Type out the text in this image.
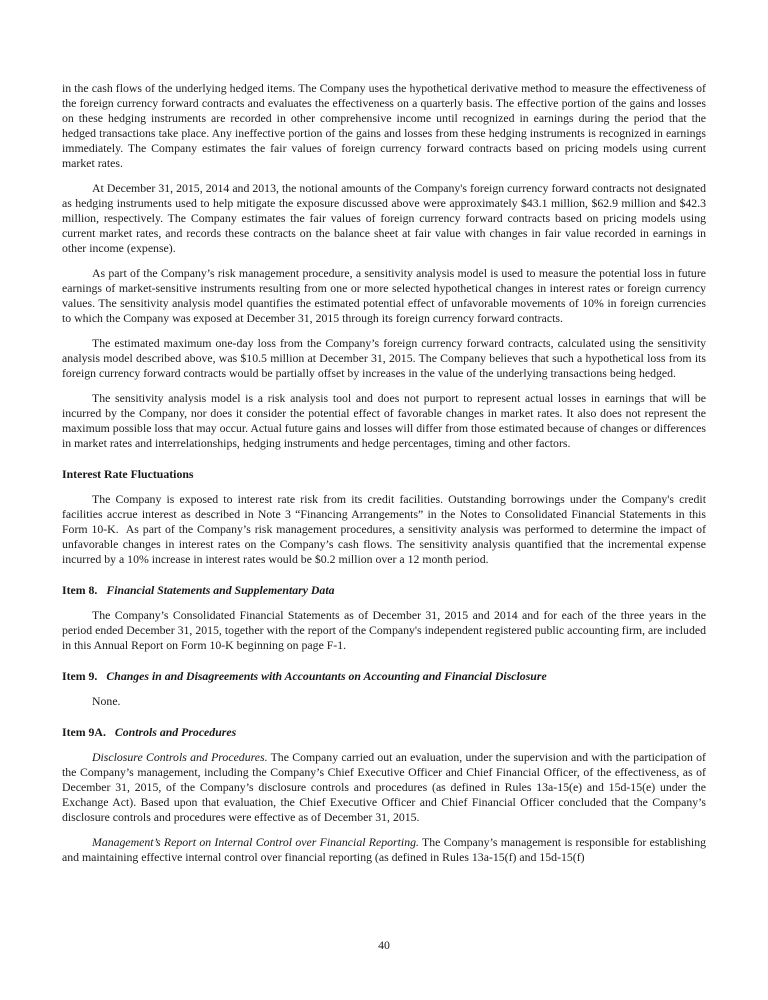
in the cash flows of the underlying hedged items. The Company uses the hypothetical derivative method to measure the effectiveness of the foreign currency forward contracts and evaluates the effectiveness on a quarterly basis. The effective portion of the gains and losses on these hedging instruments are recorded in other comprehensive income until recognized in earnings during the period that the hedged transactions take place. Any ineffective portion of the gains and losses from these hedging instruments is recognized in earnings immediately. The Company estimates the fair values of foreign currency forward contracts based on pricing models using current market rates.

At December 31, 2015, 2014 and 2013, the notional amounts of the Company's foreign currency forward contracts not designated as hedging instruments used to help mitigate the exposure discussed above were approximately $43.1 million, $62.9 million and $42.3 million, respectively. The Company estimates the fair values of foreign currency forward contracts based on pricing models using current market rates, and records these contracts on the balance sheet at fair value with changes in fair value recorded in earnings in other income (expense).

As part of the Company’s risk management procedure, a sensitivity analysis model is used to measure the potential loss in future earnings of market-sensitive instruments resulting from one or more selected hypothetical changes in interest rates or foreign currency values. The sensitivity analysis model quantifies the estimated potential effect of unfavorable movements of 10% in foreign currencies to which the Company was exposed at December 31, 2015 through its foreign currency forward contracts.

The estimated maximum one-day loss from the Company’s foreign currency forward contracts, calculated using the sensitivity analysis model described above, was $10.5 million at December 31, 2015. The Company believes that such a hypothetical loss from its foreign currency forward contracts would be partially offset by increases in the value of the underlying transactions being hedged.

The sensitivity analysis model is a risk analysis tool and does not purport to represent actual losses in earnings that will be incurred by the Company, nor does it consider the potential effect of favorable changes in market rates. It also does not represent the maximum possible loss that may occur. Actual future gains and losses will differ from those estimated because of changes or differences in market rates and interrelationships, hedging instruments and hedge percentages, timing and other factors.

Interest Rate Fluctuations

The Company is exposed to interest rate risk from its credit facilities. Outstanding borrowings under the Company's credit facilities accrue interest as described in Note 3 “Financing Arrangements” in the Notes to Consolidated Financial Statements in this Form 10-K.  As part of the Company’s risk management procedures, a sensitivity analysis was performed to determine the impact of unfavorable changes in interest rates on the Company’s cash flows. The sensitivity analysis quantified that the incremental expense incurred by a 10% increase in interest rates would be $0.2 million over a 12 month period.

Item 8. Financial Statements and Supplementary Data

The Company’s Consolidated Financial Statements as of December 31, 2015 and 2014 and for each of the three years in the period ended December 31, 2015, together with the report of the Company's independent registered public accounting firm, are included in this Annual Report on Form 10-K beginning on page F-1.

Item 9. Changes in and Disagreements with Accountants on Accounting and Financial Disclosure

None.

Item 9A. Controls and Procedures

Disclosure Controls and Procedures. The Company carried out an evaluation, under the supervision and with the participation of the Company’s management, including the Company’s Chief Executive Officer and Chief Financial Officer, of the effectiveness, as of December 31, 2015, of the Company’s disclosure controls and procedures (as defined in Rules 13a-15(e) and 15d-15(e) under the Exchange Act). Based upon that evaluation, the Chief Executive Officer and Chief Financial Officer concluded that the Company’s disclosure controls and procedures were effective as of December 31, 2015.

Management’s Report on Internal Control over Financial Reporting. The Company’s management is responsible for establishing and maintaining effective internal control over financial reporting (as defined in Rules 13a-15(f) and 15d-15(f)

40
